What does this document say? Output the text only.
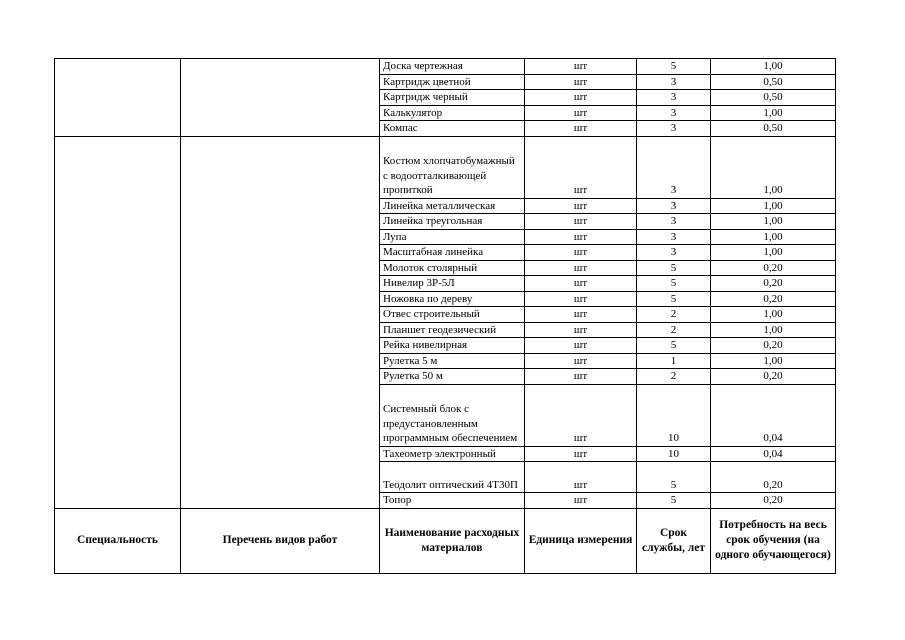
		Доска чертежная	шт	5	1,00
		Картридж цветной	шт	3	0,50
		Картридж черный	шт	3	0,50
		Калькулятор	шт	3	1,00
		Компас	шт	3	0,50
		Костюм хлопчатобумажный с водоотталкивающей пропиткой	шт	3	1,00
		Линейка металлическая	шт	3	1,00
		Линейка треугольная	шт	3	1,00
		Лупа	шт	3	1,00
		Масштабная линейка	шт	3	1,00
		Молоток столярный	шт	5	0,20
		Нивелир 3Р-5Л	шт	5	0,20
		Ножовка по дереву	шт	5	0,20
		Отвес строительный	шт	2	1,00
		Планшет геодезический	шт	2	1,00
		Рейка нивелирная	шт	5	0,20
		Рулетка 5 м	шт	1	1,00
		Рулетка 50 м	шт	2	0,20
		Системный блок с предустановленным программным обеспечением	шт	10	0,04
		Тахеометр электронный	шт	10	0,04
		Теодолит оптический 4Т30П	шт	5	0,20
		Топор	шт	5	0,20
Специальность	Перечень видов работ	Наименование расходных материалов	Единица измерения	Срок службы, лет	Потребность на весь срок обучения (на одного обучающегося)
